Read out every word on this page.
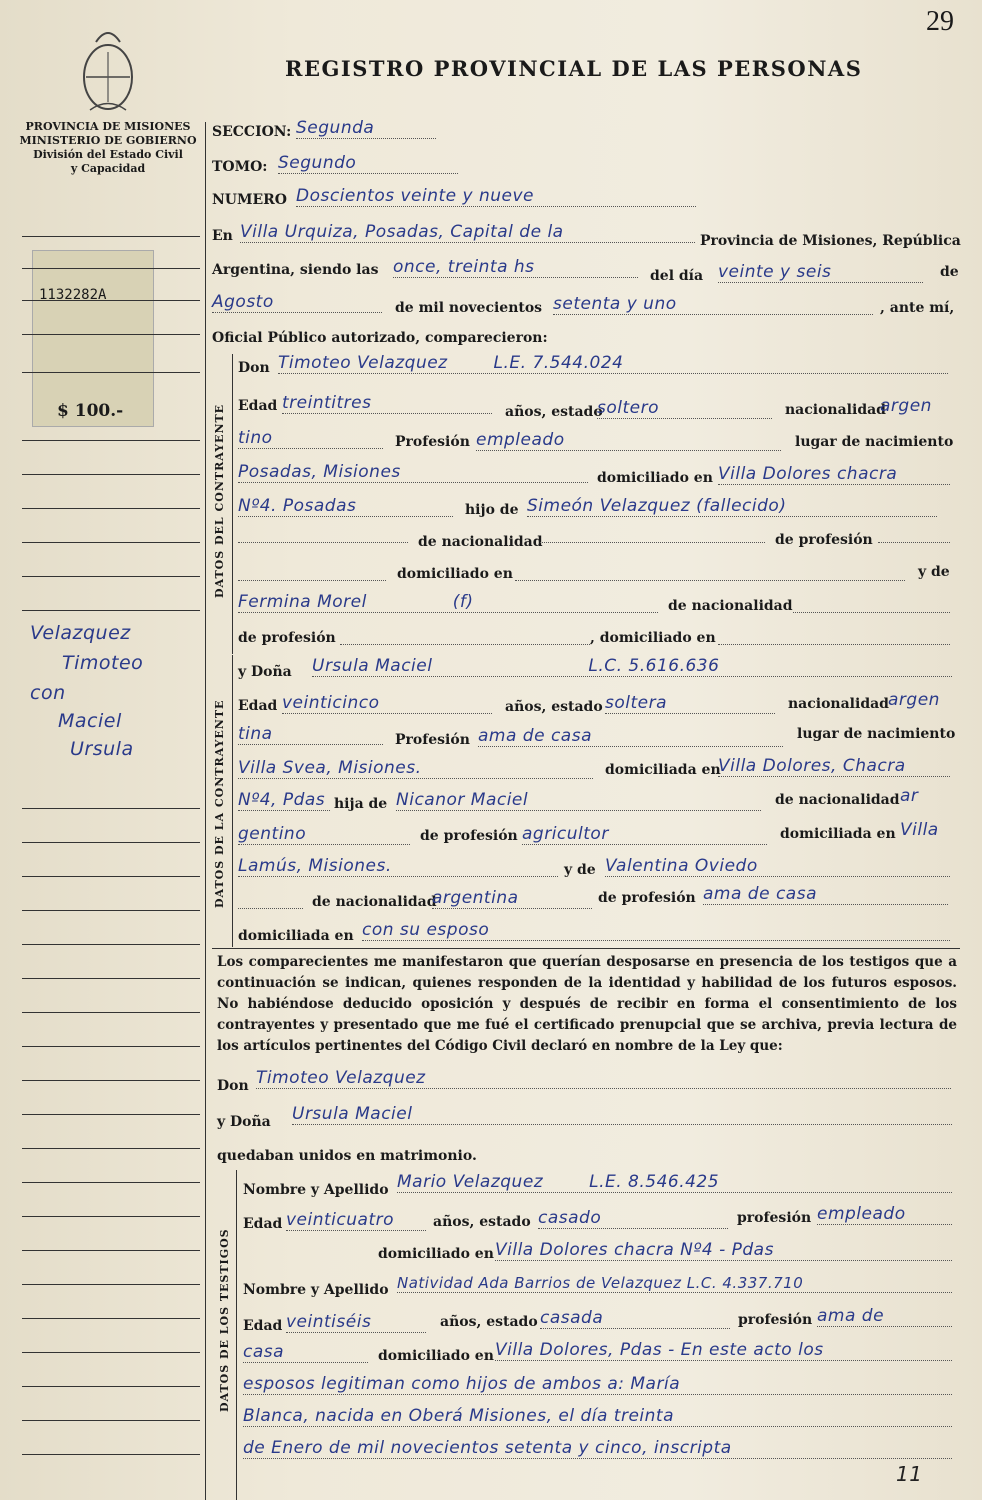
29
REGISTRO PROVINCIAL DE LAS PERSONAS
PROVINCIA DE MISIONES
MINISTERIO DE GOBIERNO
División del Estado Civil
y Capacidad
1132282A
$ 100.-
Velazquez
Timoteo
con
Maciel
Ursula
SECCION: Segunda
TOMO: Segundo
NUMERO Doscientos veinte y nueve
En Villa Urquiza, Posadas, Capital de la	Provincia de Misiones, República
Argentina, siendo las once, treinta hs	del día veinte y seis	de
Agosto	de mil novecientos setenta y uno	, ante mí,
Oficial Público autorizado, comparecieron:
DATOS DEL CONTRAYENTE
Don Timoteo Velazquez	L.E. 7.544.024
Edad treintitres	años, estado
soltero	nacionalidad
argen
tino	Profesión empleado	lugar de nacimiento
Posadas, Misiones	domiciliado en Villa Dolores chacra
Nº4. Posadas	hijo de Simeón Velazquez (fallecido)
de nacionalidad	de profesión
domiciliado en	y de
Fermina Morel	(f)	de nacionalidad
de profesión	, domiciliado en
DATOS DE LA CONTRAYENTE
y Doña Ursula Maciel	L.C. 5.616.636
Edad veinticinco	años, estado soltera	nacionalidad argen
tina	Profesión ama de casa	lugar de nacimiento
Villa Svea, Misiones.	domiciliada en
Villa Dolores, Chacra
Nº4, Pdas hija de Nicanor Maciel	de nacionalidad ar
gentino	de profesión agricultor	domiciliada en Villa
Lamús, Misiones.	y de Valentina Oviedo
de nacionalidad
argentina	de profesión ama de casa
domiciliada en con su esposo
Los comparecientes me manifestaron que querían desposarse en presencia de los testigos que a continuación se indican, quienes responden de la identidad y habilidad de los futuros esposos. No habiéndose deducido oposición y después de recibir en forma el consentimiento de los contrayentes y presentado que me fué el certificado prenupcial que se archiva, previa lectura de los artículos pertinentes del Código Civil declaró en nombre de la Ley que:
Don Timoteo Velazquez
y Doña Ursula Maciel
quedaban unidos en matrimonio.
DATOS DE LOS TESTIGOS
Nombre y Apellido Mario Velazquez	L.E. 8.546.425
Edad veinticuatro	años, estado casado	profesión empleado
domiciliado en Villa Dolores chacra Nº4 - Pdas
Nombre y Apellido Natividad Ada Barrios de Velazquez L.C. 4.337.710
Edad veintiséis	años, estado casada	profesión ama de
casa	domiciliado en Villa Dolores, Pdas - En este acto los
esposos legitiman como hijos de ambos a: María
Blanca, nacida en Oberá Misiones, el día treinta
de Enero de mil novecientos setenta y cinco, inscripta
11
